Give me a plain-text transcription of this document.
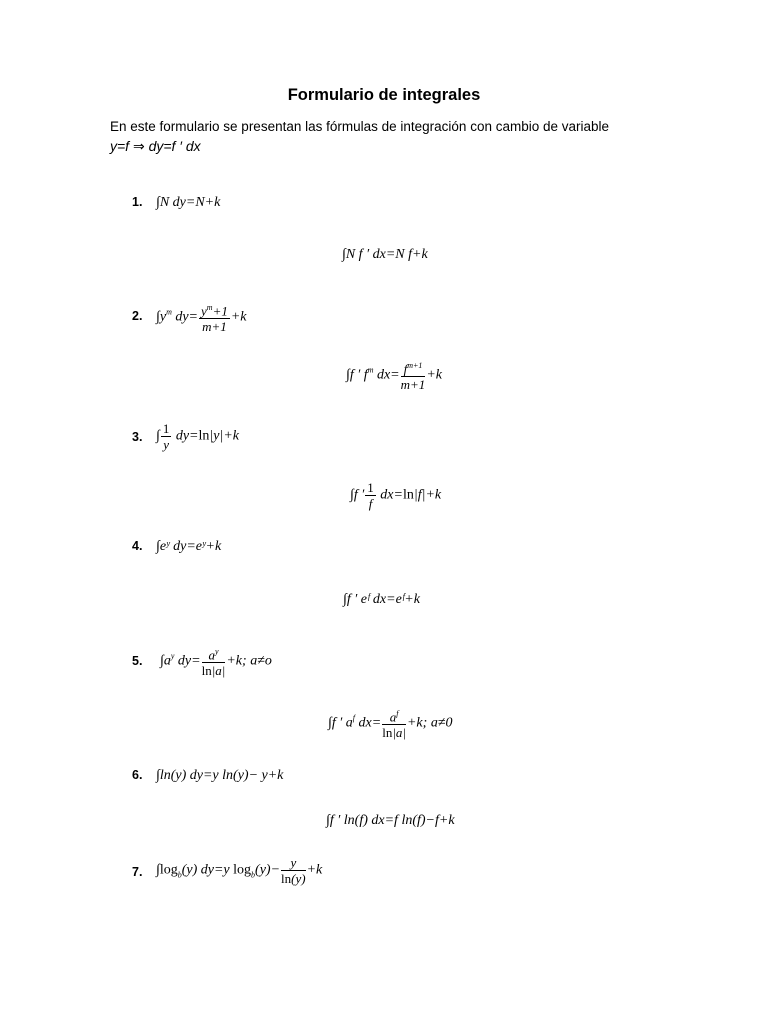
Formulario de integrales
En este formulario se presentan las fórmulas de integración con cambio de variable
y=f ⇒ dy=f ′ dx
1. ∫N dy=N+k
∫N f ′ dx=N f+k
2. $\int y^m$ $dy= \frac{y^m+1}{m+1} +k$
∫f ′ $f^m$ $dx= \frac{f^{m+1}}{m+1} +k$
3. ∫ $\frac{1}{y} dy=\ln|y|+k$
∫f ′ $\frac{1}{f} dx=\ln|f|+k$
4. ∫eʸ dy=eʸ+k
∫f ′ eᶠ dx=eᶠ+k
5. $\int a^y$ $dy= \frac{a^y}{\ln|a|} +k$; a≠o
∫f ′ $a^f$ $dx= \frac{a^f}{\ln|a|} +k$; a≠0
6. ∫ln(y) dy=y ln(y)− y+k
∫f ′ ln(f) dx=f ln(f)−f+k
7. $\int\log_b(y)$ dy=y $\log_b(y)- \frac{y}{\ln(y)} +k$
